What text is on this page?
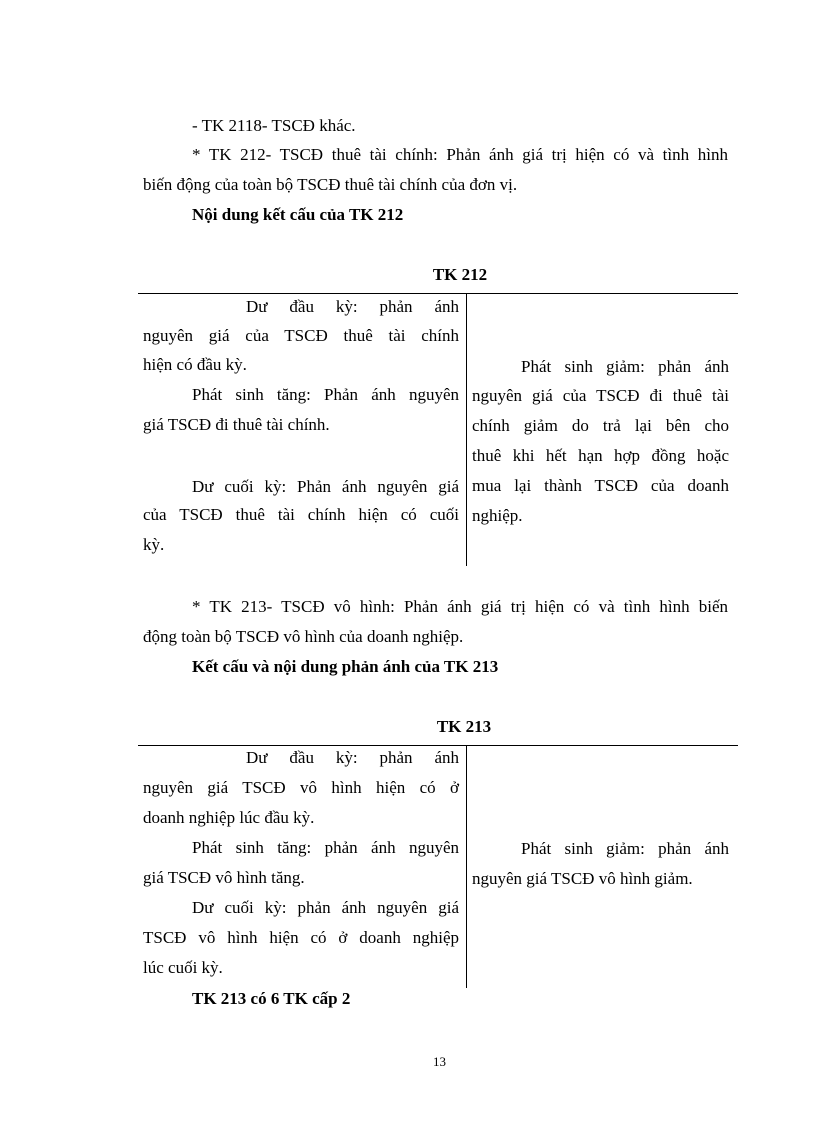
- TK 2118- TSCĐ khác.
* TK 212- TSCĐ thuê tài chính: Phản ánh giá trị hiện có và tình hình
biến động của toàn bộ TSCĐ thuê tài chính của đơn vị.
Nội dung kết cấu của TK 212
TK 212
Dư đầu kỳ: phản ánh
nguyên giá của TSCĐ thuê tài chính
hiện có đầu kỳ.
Phát sinh tăng: Phản ánh nguyên
giá TSCĐ đi thuê tài chính.
Dư cuối kỳ: Phản ánh nguyên giá
của TSCĐ thuê tài chính hiện có cuối
kỳ.
Phát sinh giảm: phản ánh
nguyên giá của TSCĐ đi thuê tài
chính giảm do trả lại bên cho
thuê khi hết hạn hợp đồng hoặc
mua lại thành TSCĐ của doanh
nghiệp.
* TK 213- TSCĐ vô hình: Phản ánh giá trị hiện có và tình hình biến
động toàn bộ TSCĐ vô hình của doanh nghiệp.
Kết cấu và nội dung phản ánh của TK 213
TK 213
Dư đầu kỳ: phản ánh
nguyên giá TSCĐ vô hình hiện có ở
doanh nghiệp lúc đầu kỳ.
Phát sinh tăng: phản ánh nguyên
giá TSCĐ vô hình tăng.
Dư cuối kỳ: phản ánh nguyên giá
TSCĐ vô hình hiện có ở doanh nghiệp
lúc cuối kỳ.
Phát sinh giảm: phản ánh
nguyên giá TSCĐ vô hình giảm.
TK 213 có 6 TK cấp 2
13
